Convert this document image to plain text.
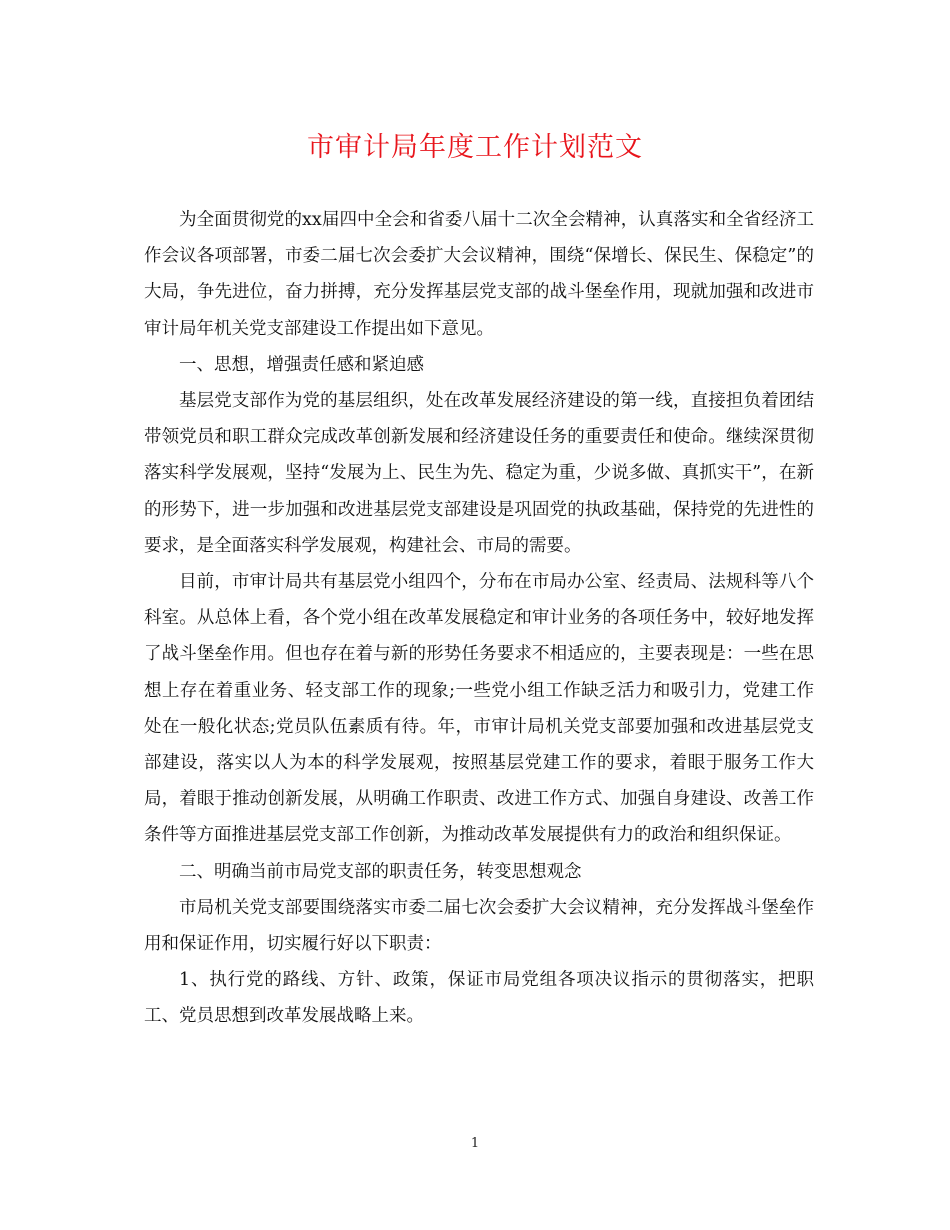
市审计局年度工作计划范文

为全面贯彻党的xx届四中全会和省委八届十二次全会精神，认真落实和全省经济工作会议各项部署，市委二届七次会委扩大会议精神，围绕“保增长、保民生、保稳定”的大局，争先进位，奋力拼搏，充分发挥基层党支部的战斗堡垒作用，现就加强和改进市审计局年机关党支部建设工作提出如下意见。

一、思想，增强责任感和紧迫感

基层党支部作为党的基层组织，处在改革发展经济建设的第一线，直接担负着团结带领党员和职工群众完成改革创新发展和经济建设任务的重要责任和使命。继续深贯彻落实科学发展观，坚持“发展为上、民生为先、稳定为重，少说多做、真抓实干”，在新的形势下，进一步加强和改进基层党支部建设是巩固党的执政基础，保持党的先进性的要求，是全面落实科学发展观，构建社会、市局的需要。

目前，市审计局共有基层党小组四个，分布在市局办公室、经责局、法规科等八个科室。从总体上看，各个党小组在改革发展稳定和审计业务的各项任务中，较好地发挥了战斗堡垒作用。但也存在着与新的形势任务要求不相适应的，主要表现是：一些在思想上存在着重业务、轻支部工作的现象;一些党小组工作缺乏活力和吸引力，党建工作处在一般化状态;党员队伍素质有待。年，市审计局机关党支部要加强和改进基层党支部建设，落实以人为本的科学发展观，按照基层党建工作的要求，着眼于服务工作大局，着眼于推动创新发展，从明确工作职责、改进工作方式、加强自身建设、改善工作条件等方面推进基层党支部工作创新，为推动改革发展提供有力的政治和组织保证。

二、明确当前市局党支部的职责任务，转变思想观念

市局机关党支部要围绕落实市委二届七次会委扩大会议精神，充分发挥战斗堡垒作用和保证作用，切实履行好以下职责：

1、执行党的路线、方针、政策，保证市局党组各项决议指示的贯彻落实，把职工、党员思想到改革发展战略上来。

1
